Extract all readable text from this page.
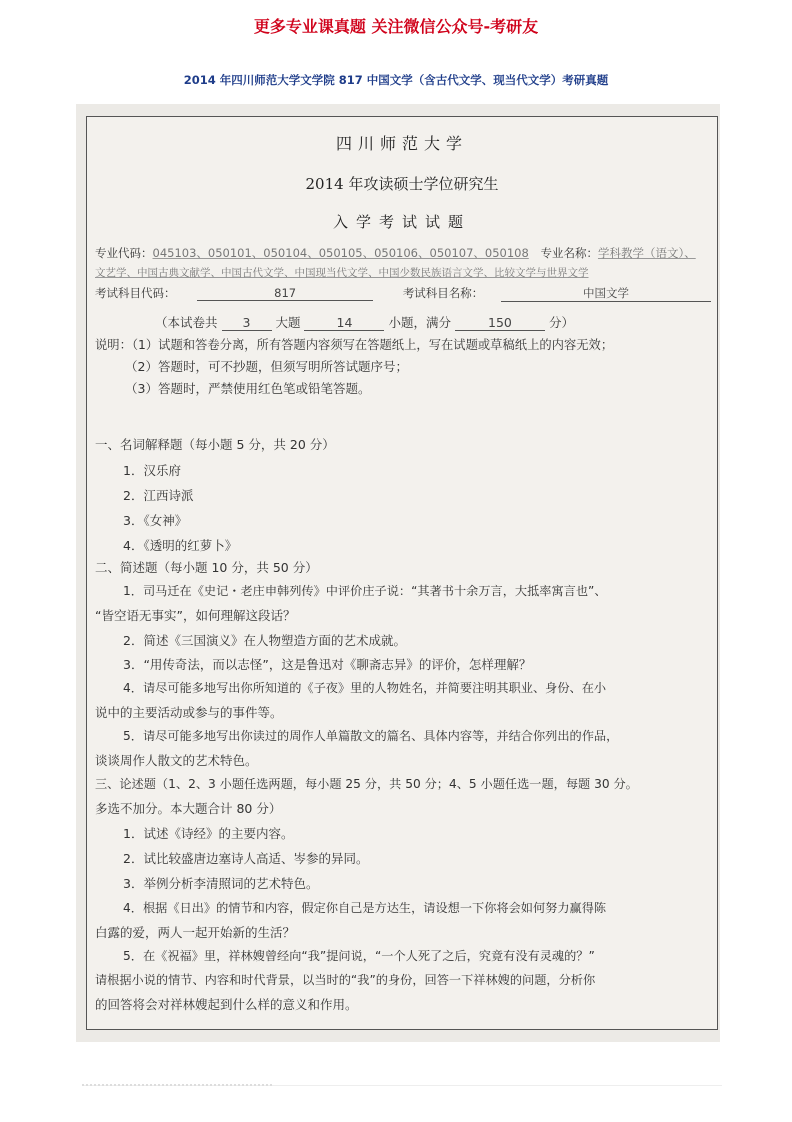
更多专业课真题 关注微信公众号-考研友
2014 年四川师范大学文学院 817 中国文学（含古代文学、现当代文学）考研真题
四川师范大学
2014 年攻读硕士学位研究生
入学考试试题
专业代码：045103、050101、050104、050105、050106、050107、050108 专业名称：学科教学（语文）、
文艺学、中国古典文献学、中国古代文学、中国现当代文学、中国少数民族语言文学、比较文学与世界文学
考试科目代码：	817	考试科目名称：	中国文学
（本试卷共 3 大题	14	小题，满分	150	分）
说明：（1）试题和答卷分离，所有答题内容须写在答题纸上，写在试题或草稿纸上的内容无效；
（2）答题时，可不抄题，但须写明所答试题序号；
（3）答题时，严禁使用红色笔或铅笔答题。
一、名词解释题（每小题 5 分，共 20 分）
1．汉乐府
2．江西诗派
3．《女神》
4．《透明的红萝卜》
二、简述题（每小题 10 分，共 50 分）
1．司马迁在《史记・老庄申韩列传》中评价庄子说：“其著书十余万言，大抵率寓言也”、
“皆空语无事实”，如何理解这段话？
2．简述《三国演义》在人物塑造方面的艺术成就。
3．“用传奇法，而以志怪”，这是鲁迅对《聊斋志异》的评价，怎样理解？
4．请尽可能多地写出你所知道的《子夜》里的人物姓名，并简要注明其职业、身份、在小
说中的主要活动或参与的事件等。
5．请尽可能多地写出你读过的周作人单篇散文的篇名、具体内容等，并结合你列出的作品，
谈谈周作人散文的艺术特色。
三、论述题（1、2、3 小题任选两题，每小题 25 分，共 50 分；4、5 小题任选一题，每题 30 分。
多选不加分。本大题合计 80 分）
1．试述《诗经》的主要内容。
2．试比较盛唐边塞诗人高适、岑参的异同。
3．举例分析李清照词的艺术特色。
4．根据《日出》的情节和内容，假定你自己是方达生，请设想一下你将会如何努力赢得陈
白露的爱，两人一起开始新的生活？
5．在《祝福》里，祥林嫂曾经向“我”提问说，“一个人死了之后，究竟有没有灵魂的？”
请根据小说的情节、内容和时代背景，以当时的“我”的身份，回答一下祥林嫂的问题，分析你
的回答将会对祥林嫂起到什么样的意义和作用。
